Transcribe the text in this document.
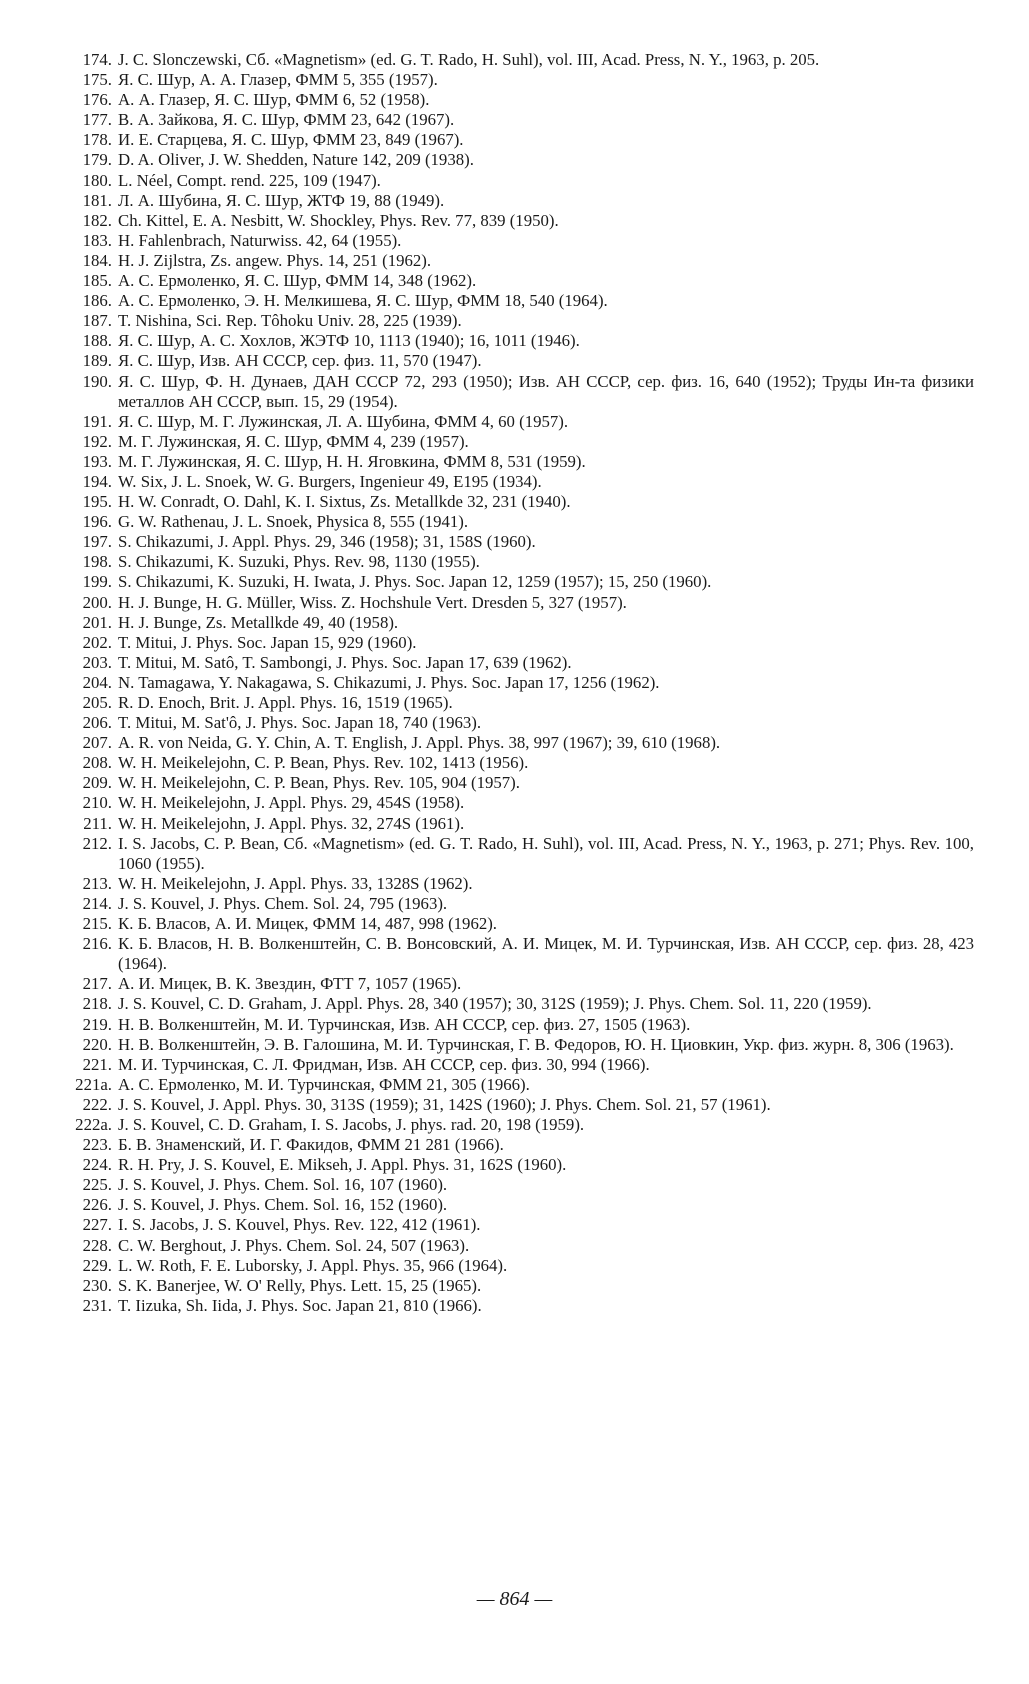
174. J. C. Slonczewski, Сб. «Magnetism» (ed. G. T. Rado, H. Suhl), vol. III, Acad. Press, N. Y., 1963, p. 205.
175. Я. С. Шур, А. А. Глазер, ФММ 5, 355 (1957).
176. А. А. Глазер, Я. С. Шур, ФММ 6, 52 (1958).
177. В. А. Зайкова, Я. С. Шур, ФММ 23, 642 (1967).
178. И. Е. Старцева, Я. С. Шур, ФММ 23, 849 (1967).
179. D. A. Oliver, J. W. Shedden, Nature 142, 209 (1938).
180. L. Néel, Compt. rend. 225, 109 (1947).
181. Л. А. Шубина, Я. С. Шур, ЖТФ 19, 88 (1949).
182. Ch. Kittel, E. A. Nesbitt, W. Shockley, Phys. Rev. 77, 839 (1950).
183. H. Fahlenbrach, Naturwiss. 42, 64 (1955).
184. H. J. Zijlstra, Zs. angew. Phys. 14, 251 (1962).
185. А. С. Ермоленко, Я. С. Шур, ФММ 14, 348 (1962).
186. А. С. Ермоленко, Э. Н. Мелкишева, Я. С. Шур, ФММ 18, 540 (1964).
187. T. Nishina, Sci. Rep. Tôhoku Univ. 28, 225 (1939).
188. Я. С. Шур, А. С. Хохлов, ЖЭТФ 10, 1113 (1940); 16, 1011 (1946).
189. Я. С. Шур, Изв. АН СССР, сер. физ. 11, 570 (1947).
190. Я. С. Шур, Ф. Н. Дунаев, ДАН СССР 72, 293 (1950); Изв. АН СССР, сер. физ. 16, 640 (1952); Труды Ин-та физики металлов АН СССР, вып. 15, 29 (1954).
191. Я. С. Шур, М. Г. Лужинская, Л. А. Шубина, ФММ 4, 60 (1957).
192. М. Г. Лужинская, Я. С. Шур, ФММ 4, 239 (1957).
193. М. Г. Лужинская, Я. С. Шур, Н. Н. Яговкина, ФММ 8, 531 (1959).
194. W. Six, J. L. Snoek, W. G. Burgers, Ingenieur 49, E195 (1934).
195. H. W. Conradt, O. Dahl, K. I. Sixtus, Zs. Metallkde 32, 231 (1940).
196. G. W. Rathenau, J. L. Snoek, Physica 8, 555 (1941).
197. S. Chikazumi, J. Appl. Phys. 29, 346 (1958); 31, 158S (1960).
198. S. Chikazumi, K. Suzuki, Phys. Rev. 98, 1130 (1955).
199. S. Chikazumi, K. Suzuki, H. Iwata, J. Phys. Soc. Japan 12, 1259 (1957); 15, 250 (1960).
200. H. J. Bunge, H. G. Müller, Wiss. Z. Hochshule Vert. Dresden 5, 327 (1957).
201. H. J. Bunge, Zs. Metallkde 49, 40 (1958).
202. T. Mitui, J. Phys. Soc. Japan 15, 929 (1960).
203. T. Mitui, M. Satô, T. Sambongi, J. Phys. Soc. Japan 17, 639 (1962).
204. N. Tamagawa, Y. Nakagawa, S. Chikazumi, J. Phys. Soc. Japan 17, 1256 (1962).
205. R. D. Enoch, Brit. J. Appl. Phys. 16, 1519 (1965).
206. T. Mitui, M. Sat'ô, J. Phys. Soc. Japan 18, 740 (1963).
207. A. R. von Neida, G. Y. Chin, A. T. English, J. Appl. Phys. 38, 997 (1967); 39, 610 (1968).
208. W. H. Meikelejohn, C. P. Bean, Phys. Rev. 102, 1413 (1956).
209. W. H. Meikelejohn, C. P. Bean, Phys. Rev. 105, 904 (1957).
210. W. H. Meikelejohn, J. Appl. Phys. 29, 454S (1958).
211. W. H. Meikelejohn, J. Appl. Phys. 32, 274S (1961).
212. I. S. Jacobs, C. P. Bean, Сб. «Magnetism» (ed. G. T. Rado, H. Suhl), vol. III, Acad. Press, N. Y., 1963, p. 271; Phys. Rev. 100, 1060 (1955).
213. W. H. Meikelejohn, J. Appl. Phys. 33, 1328S (1962).
214. J. S. Kouvel, J. Phys. Chem. Sol. 24, 795 (1963).
215. К. Б. Власов, А. И. Мицек, ФММ 14, 487, 998 (1962).
216. К. Б. Власов, Н. В. Волкенштейн, С. В. Вонсовский, А. И. Мицек, М. И. Турчинская, Изв. АН СССР, сер. физ. 28, 423 (1964).
217. А. И. Мицек, В. К. Звездин, ФТТ 7, 1057 (1965).
218. J. S. Kouvel, C. D. Graham, J. Appl. Phys. 28, 340 (1957); 30, 312S (1959); J. Phys. Chem. Sol. 11, 220 (1959).
219. Н. В. Волкенштейн, М. И. Турчинская, Изв. АН СССР, сер. физ. 27, 1505 (1963).
220. Н. В. Волкенштейн, Э. В. Галошина, М. И. Турчинская, Г. В. Федоров, Ю. Н. Циовкин, Укр. физ. журн. 8, 306 (1963).
221. М. И. Турчинская, С. Л. Фридман, Изв. АН СССР, сер. физ. 30, 994 (1966).
221a. А. С. Ермоленко, М. И. Турчинская, ФММ 21, 305 (1966).
222. J. S. Kouvel, J. Appl. Phys. 30, 313S (1959); 31, 142S (1960); J. Phys. Chem. Sol. 21, 57 (1961).
222a. J. S. Kouvel, C. D. Graham, I. S. Jacobs, J. phys. rad. 20, 198 (1959).
223. Б. В. Знаменский, И. Г. Факидов, ФММ 21 281 (1966).
224. R. H. Pry, J. S. Kouvel, E. Mikseh, J. Appl. Phys. 31, 162S (1960).
225. J. S. Kouvel, J. Phys. Chem. Sol. 16, 107 (1960).
226. J. S. Kouvel, J. Phys. Chem. Sol. 16, 152 (1960).
227. I. S. Jacobs, J. S. Kouvel, Phys. Rev. 122, 412 (1961).
228. C. W. Berghout, J. Phys. Chem. Sol. 24, 507 (1963).
229. L. W. Roth, F. E. Luborsky, J. Appl. Phys. 35, 966 (1964).
230. S. K. Banerjee, W. O' Relly, Phys. Lett. 15, 25 (1965).
231. T. Iizuka, Sh. Iida, J. Phys. Soc. Japan 21, 810 (1966).
— 864 —
